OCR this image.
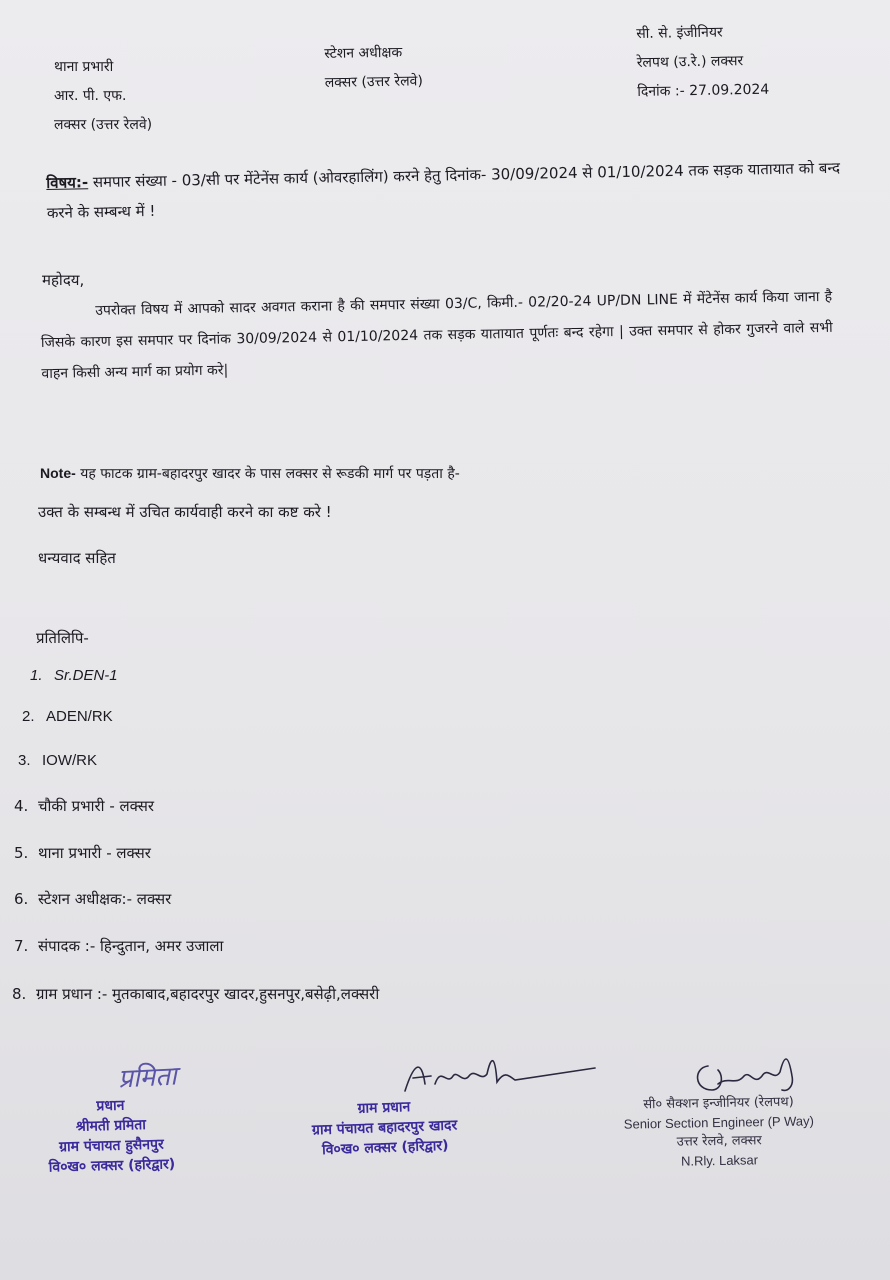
थाना प्रभारी
आर. पी. एफ.
लक्सर (उत्तर रेलवे)
स्टेशन अधीक्षक
लक्सर (उत्तर रेलवे)
सी. से. इंजीनियर
रेलपथ (उ.रे.) लक्सर
दिनांक :- 27.09.2024
विषय:- समपार संख्या - 03/सी पर मेंटेनेंस कार्य (ओवरहालिंग) करने हेतु दिनांक- 30/09/2024 से 01/10/2024 तक सड़क यातायात को बन्द करने के सम्बन्ध में !
महोदय,
उपरोक्त विषय में आपको सादर अवगत कराना है की समपार संख्या 03/C, किमी.- 02/20-24 UP/DN LINE में मेंटेनेंस कार्य किया जाना है जिसके कारण इस समपार पर दिनांक 30/09/2024 से 01/10/2024 तक सड़क यातायात पूर्णतः बन्द रहेगा | उक्त समपार से होकर गुजरने वाले सभी वाहन किसी अन्य मार्ग का प्रयोग करे|
Note- यह फाटक ग्राम-बहादरपुर खादर के पास लक्सर से रूडकी मार्ग पर पड़ता है-
उक्त के सम्बन्ध में उचित कार्यवाही करने का कष्ट करे !
धन्यवाद सहित
प्रतिलिपि-
1. Sr.DEN-1
2. ADEN/RK
3. IOW/RK
4. चौकी प्रभारी - लक्सर
5. थाना प्रभारी - लक्सर
6. स्टेशन अधीक्षक:- लक्सर
7. संपादक :- हिन्दुतान, अमर उजाला
8. ग्राम प्रधान :- मुतकाबाद,बहादरपुर खादर,हुसनपुर,बसेढ़ी,लक्सरी
प्रमिता
प्रधान
श्रीमती प्रमिता
ग्राम पंचायत हुसैनपुर
वि०ख० लक्सर (हरिद्वार)
ग्राम प्रधान
ग्राम पंचायत बहादरपुर खादर
वि०ख० लक्सर (हरिद्वार)
सी० सैक्शन इन्जीनियर (रेलपथ)
Senior Section Engineer (P Way)
उत्तर रेलवे, लक्सर
N.Rly. Laksar
